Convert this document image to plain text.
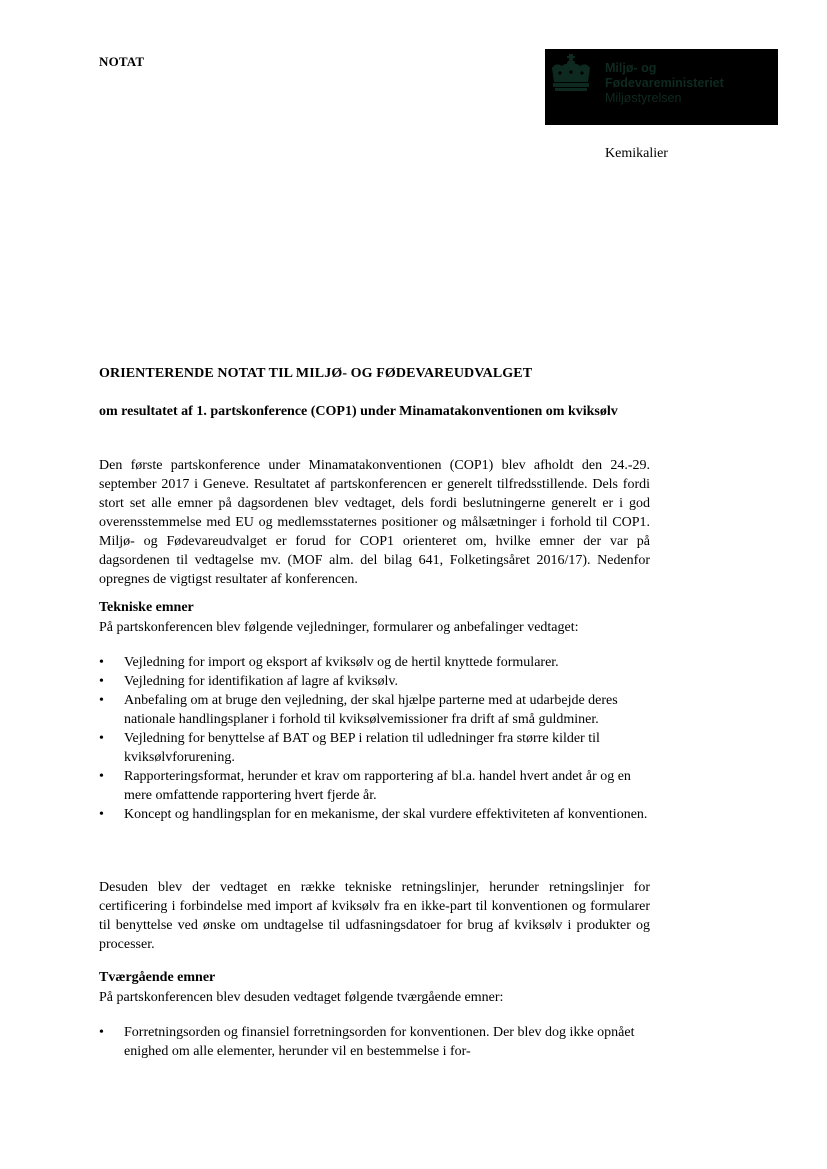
NOTAT	Miljø- og
Fødevareministeriet
Miljøstyrelsen
Kemikalier
ORIENTERENDE NOTAT TIL MILJØ- OG FØDEVAREUDVALGET
om resultatet af 1. partskonference (COP1) under Minamatakonventionen om kviksølv
Den første partskonference under Minamatakonventionen (COP1) blev afholdt den 24.-29. september 2017 i Geneve. Resultatet af partskonferencen er generelt tilfredsstillende. Dels fordi stort set alle emner på dagsordenen blev vedtaget, dels fordi beslutningerne generelt er i god overensstemmelse med EU og medlemsstaternes positioner og målsætninger i forhold til COP1. Miljø- og Fødevareudvalget er forud for COP1 orienteret om, hvilke emner der var på dagsordenen til vedtagelse mv. (MOF alm. del bilag 641, Folketingsåret 2016/17). Nedenfor opregnes de vigtigst resultater af konferencen.
Tekniske emner
På partskonferencen blev følgende vejledninger, formularer og anbefalinger vedtaget:
• Vejledning for import og eksport af kviksølv og de hertil knyttede formularer.
• Vejledning for identifikation af lagre af kviksølv.
• Anbefaling om at bruge den vejledning, der skal hjælpe parterne med at udarbejde deres nationale handlingsplaner i forhold til kviksølvemissioner fra drift af små guldminer.
• Vejledning for benyttelse af BAT og BEP i relation til udledninger fra større kilder til kviksølvforurening.
• Rapporteringsformat, herunder et krav om rapportering af bl.a. handel hvert andet år og en mere omfattende rapportering hvert fjerde år.
• Koncept og handlingsplan for en mekanisme, der skal vurdere effektiviteten af konventionen.
Desuden blev der vedtaget en række tekniske retningslinjer, herunder retningslinjer for certificering i forbindelse med import af kviksølv fra en ikke-part til konventionen og formularer til benyttelse ved ønske om undtagelse til udfasningsdatoer for brug af kviksølv i produkter og processer.
Tværgående emner
På partskonferencen blev desuden vedtaget følgende tværgående emner:
• Forretningsorden og finansiel forretningsorden for konventionen. Der blev dog ikke opnået enighed om alle elementer, herunder vil en bestemmelse i for-
